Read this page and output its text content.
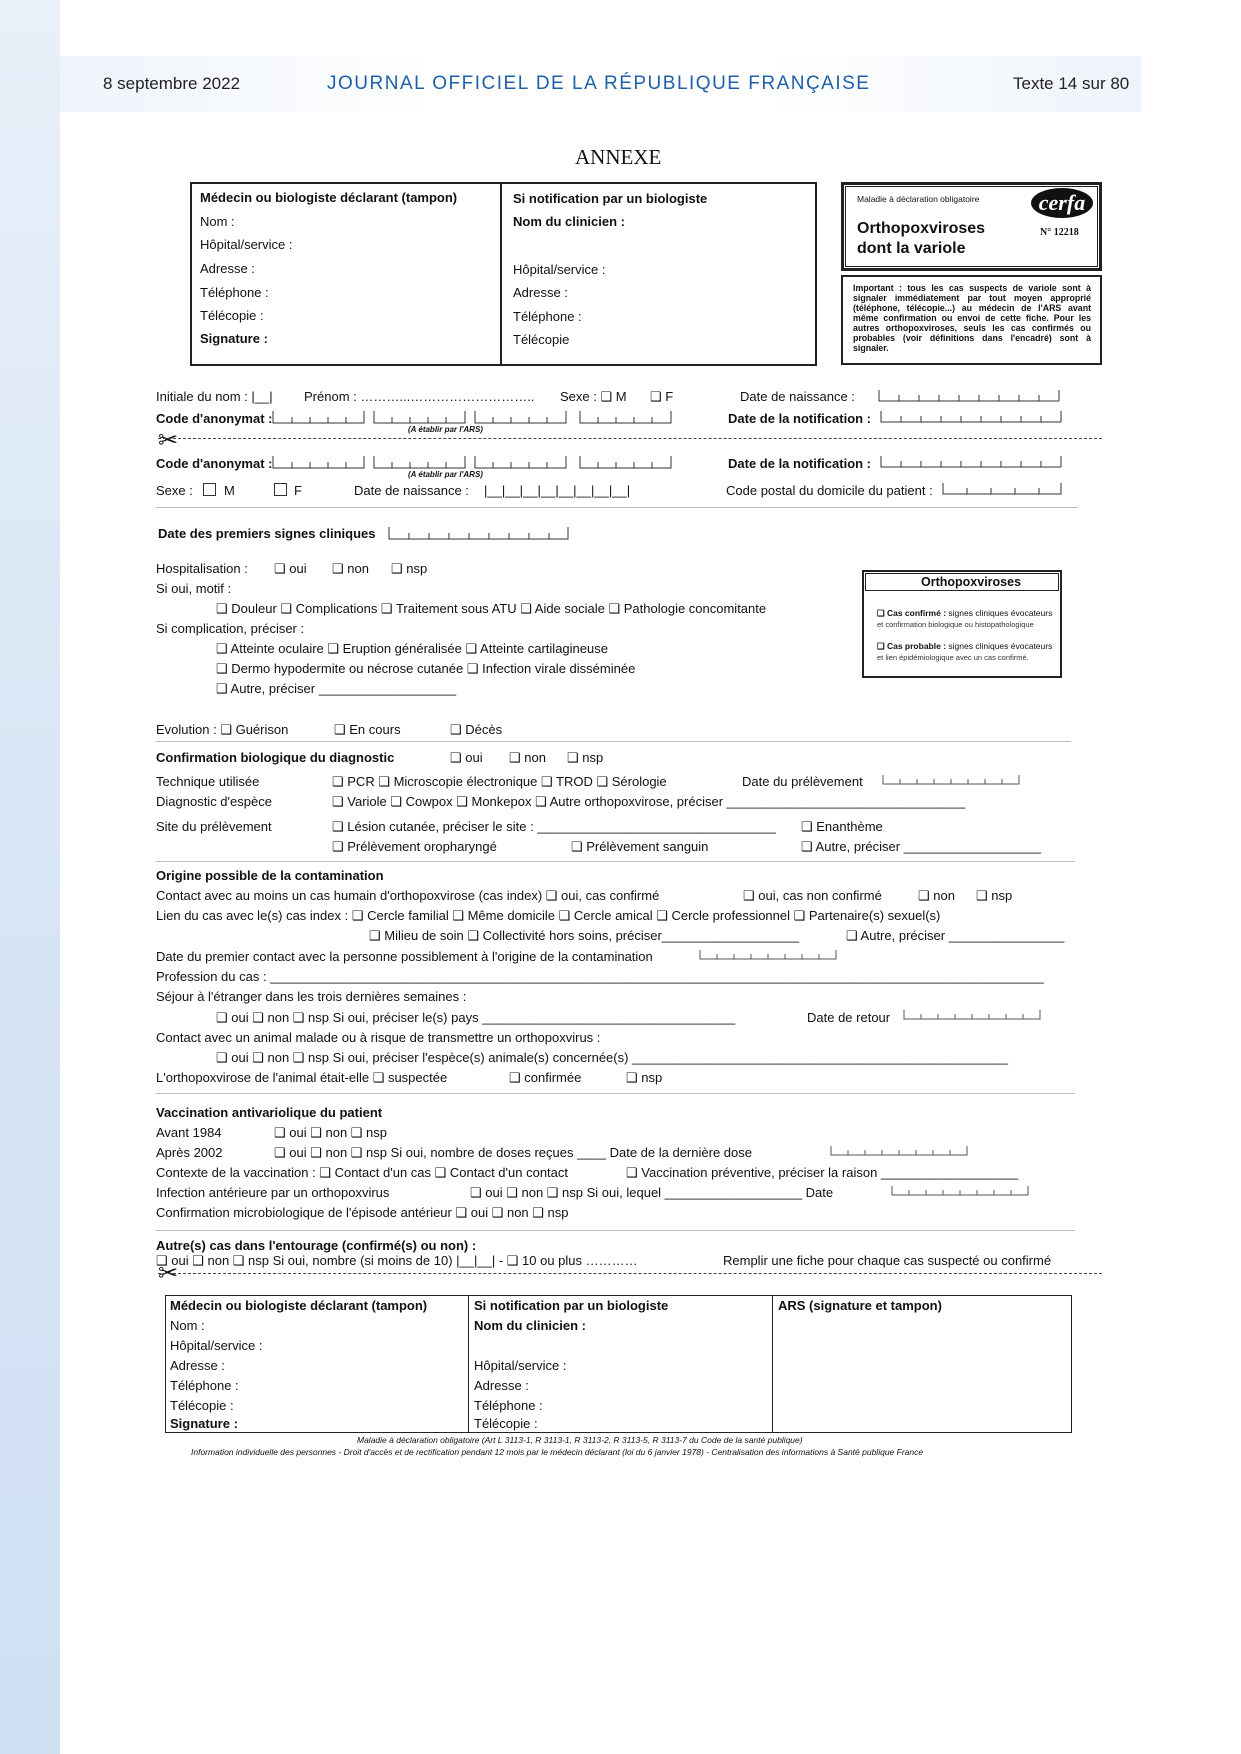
8 septembre 2022	JOURNAL OFFICIEL DE LA RÉPUBLIQUE FRANÇAISE	Texte 14 sur 80
ANNEXE
Médecin ou biologiste déclarant (tampon)
Nom :
Hôpital/service :
Adresse :
Téléphone :
Télécopie :
Signature :
Si notification par un biologiste
Nom du clinicien :
Hôpital/service :
Adresse :
Téléphone :
Télécopie
Maladie à déclaration obligatoire	cerfa
Orthopoxviroses
dont la variole
N° 12218
Important : tous les cas suspects de variole sont à signaler immédiatement par tout moyen approprié (téléphone, télécopie...) au médecin de l'ARS avant même confirmation ou envoi de cette fiche. Pour les autres orthopoxviroses, seuls les cas confirmés ou probables (voir définitions dans l'encadré) sont à signaler.
Initiale du nom : |__| Prénom : ………...……………………….. Sexe : ❑ M ❑ F	Date de naissance :
Code d'anonymat :
(A établir par l'ARS)
Date de la notification :
✂
Code d'anonymat :
(A établir par l'ARS)
Date de la notification :
Sexe : M	F	Date de naissance : |__|__|__|__|__|__|__|__|	Code postal du domicile du patient :
Date des premiers signes cliniques
Hospitalisation : ❑ oui ❑ non ❑ nsp
Si oui, motif :
❑ Douleur ❑ Complications ❑ Traitement sous ATU ❑ Aide sociale ❑ Pathologie concomitante
Si complication, préciser :
❑ Atteinte oculaire ❑ Eruption généralisée ❑ Atteinte cartilagineuse
❑ Dermo hypodermite ou nécrose cutanée ❑ Infection virale disséminée
❑ Autre, préciser ___________________
Orthopoxviroses
❑ Cas confirmé : signes cliniques évocateurs
et confirmation biologique ou histopathologique
❑ Cas probable : signes cliniques évocateurs
et lien épidémiologique avec un cas confirmé.
Evolution : ❑ Guérison	❑ En cours	❑ Décès
Confirmation biologique du diagnostic	❑ oui ❑ non ❑ nsp
Technique utilisée	❑ PCR ❑ Microscopie électronique ❑ TROD ❑ Sérologie	Date du prélèvement
Diagnostic d'espèce	❑ Variole ❑ Cowpox ❑ Monkepox ❑ Autre orthopoxvirose, préciser _________________________________
Site du prélèvement	❑ Lésion cutanée, préciser le site : _________________________________ ❑ Enanthème
❑ Prélèvement oropharyngé	❑ Prélèvement sanguin	❑ Autre, préciser ___________________
Origine possible de la contamination
Contact avec au moins un cas humain d'orthopoxvirose (cas index) ❑ oui, cas confirmé	❑ oui, cas non confirmé	❑ non ❑ nsp
Lien du cas avec le(s) cas index : ❑ Cercle familial ❑ Même domicile ❑ Cercle amical ❑ Cercle professionnel ❑ Partenaire(s) sexuel(s)
❑ Milieu de soin ❑ Collectivité hors soins, préciser___________________	❑ Autre, préciser ________________
Date du premier contact avec la personne possiblement à l'origine de la contamination
Profession du cas : ___________________________________________________________________________________________________________
Séjour à l'étranger dans les trois dernières semaines :
❑ oui ❑ non ❑ nsp Si oui, préciser le(s) pays ___________________________________	Date de retour
Contact avec un animal malade ou à risque de transmettre un orthopoxvirus :
❑ oui ❑ non ❑ nsp Si oui, préciser l'espèce(s) animale(s) concernée(s) ____________________________________________________
L'orthopoxvirose de l'animal était-elle ❑ suspectée	❑ confirmée	❑ nsp
Vaccination antivariolique du patient
Avant 1984	❑ oui ❑ non ❑ nsp
Après 2002	❑ oui ❑ non ❑ nsp Si oui, nombre de doses reçues ____ Date de la dernière dose
Contexte de la vaccination : ❑ Contact d'un cas ❑ Contact d'un contact	❑ Vaccination préventive, préciser la raison ___________________
Infection antérieure par un orthopoxvirus	❑ oui ❑ non ❑ nsp Si oui, lequel ___________________ Date
Confirmation microbiologique de l'épisode antérieur ❑ oui ❑ non ❑ nsp
Autre(s) cas dans l'entourage (confirmé(s) ou non) :
❑ oui ❑ non ❑ nsp Si oui, nombre (si moins de 10) |__|__| - ❑ 10 ou plus …………	Remplir une fiche pour chaque cas suspecté ou confirmé
✂
Médecin ou biologiste déclarant (tampon)
Nom :
Hôpital/service :
Adresse :
Téléphone :
Télécopie :
Signature :
Si notification par un biologiste
Nom du clinicien :
Hôpital/service :
Adresse :
Téléphone :
Télécopie :
ARS (signature et tampon)
Maladie à déclaration obligatoire (Art L 3113-1, R 3113-1, R 3113-2, R 3113-5, R 3113-7 du Code de la santé publique)
Information individuelle des personnes - Droit d'accès et de rectification pendant 12 mois par le médecin déclarant (loi du 6 janvier 1978) - Centralisation des informations à Santé publique France
